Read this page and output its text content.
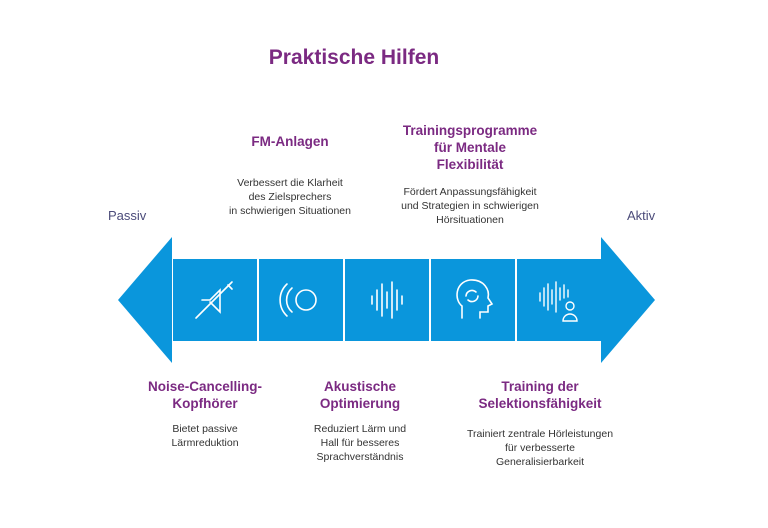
Praktische Hilfen
Passiv	Aktiv
FM-Anlagen
Verbessert die Klarheit
des Zielsprechers
in schwierigen Situationen
Trainingsprogramme
für Mentale
Flexibilität
Fördert Anpassungsfähigkeit
und Strategien in schwierigen
Hörsituationen
Noise-Cancelling-
Kopfhörer
Bietet passive
Lärmreduktion
Akustische
Optimierung
Reduziert Lärm und
Hall für besseres
Sprachverständnis
Training der
Selektionsfähigkeit
Trainiert zentrale Hörleistungen
für verbesserte
Generalisierbarkeit
